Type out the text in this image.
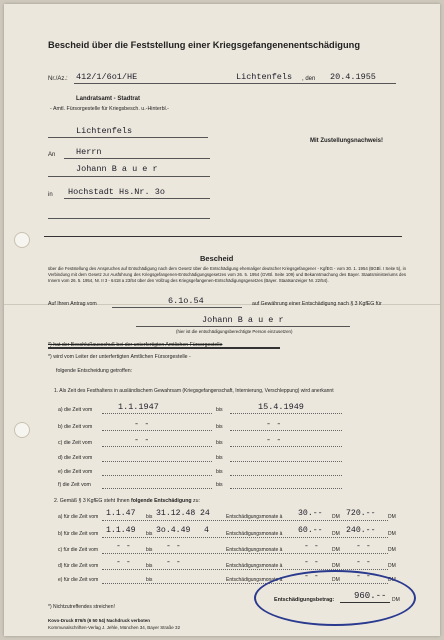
Bescheid über die Feststellung einer Kriegsgefangenenentschädigung
Nr./Az.: 412/1/6o1/HE	Lichtenfels , den 20.4.1955
Landratsamt - Stadtrat
- Amtl. Fürsorgestelle für Kriegsbesch. u.-Hinterbl.-
Lichtenfels
Mit Zustellungsnachweis!
An Herrn
Johann B a u e r
in Hochstadt Hs.Nr. 3o
Bescheid
über die Feststellung des Anspruches auf Entschädigung nach dem Gesetz über die Entschädigung ehemaliger deutscher Kriegsgefangener - KgfEG - vom 30. 1. 1954 (BGBl. I Seite 5), in Verbindung mit dem Gesetz zur Ausführung des Kriegsgefangenen-Entschädigungsgesetzes vom 26. 5. 1954 (GVBl. Seite 109) und Bekanntmachung des Bayer. Staatsministeriums des Innern vom 26. 5. 1954, Nr. II 3 - 6418 a 23/54 über den Vollzug des Kriegsgefangenen-Entschädigungsgesetzes (Bayer. Staatsanzeiger Nr. 22/54).
Auf Ihren Antrag vom	6.1o.54	auf Gewährung einer Entschädigung nach § 3 KgfEG für
Johann B a u e r
(hier ist die entschädigungsberechtigte Person einzusetzen)
*) hat der Beschlußausschuß bei der unterfertigten Amtlichen Fürsorgestelle
*) wird vom Leiter der unterfertigten Amtlichen Fürsorgestelle -
folgende Entscheidung getroffen:
1. Als Zeit des Festhaltens in ausländischem Gewahrsam (Kriegsgefangenschaft, Internierung, Verschleppung) wird anerkannt
a) die Zeit vom	1.1.1947	bis	15.4.1949
b) die Zeit vom	- -	bis	- -
c) die Zeit vom	- -	bis	- -
d) die Zeit vom	bis
e) die Zeit vom	bis
f) die Zeit vom	bis
2. Gemäß § 3 KgfEG steht Ihnen folgende Entschädigung zu:
a) für die Zeit vom 1.1.47 bis 31.12.48 24	Entschädigungsmonate à 30.-- DM 720.--	DM
b) für die Zeit vom 1.1.49 bis 3o.4.49 4	Entschädigungsmonate à 60.-- DM 240.--	DM
c) für die Zeit vom - -	bis - -	Entschädigungsmonate à	- -	DM - -	DM
d) für die Zeit vom - -	bis - -	Entschädigungsmonate à	- -	DM - -	DM
e) für die Zeit vom	bis	Entschädigungsmonate à	- -	DM - -	DM
Entschädigungsbetrag: 960.-- DM
*) Nichtzutreffendes streichen!
Kovo-Druck 876/5 (6 50 54) Nachdruck verboten
Kommunalschriften-Verlag J. Jehle, München 34, Bayer Straße 32
